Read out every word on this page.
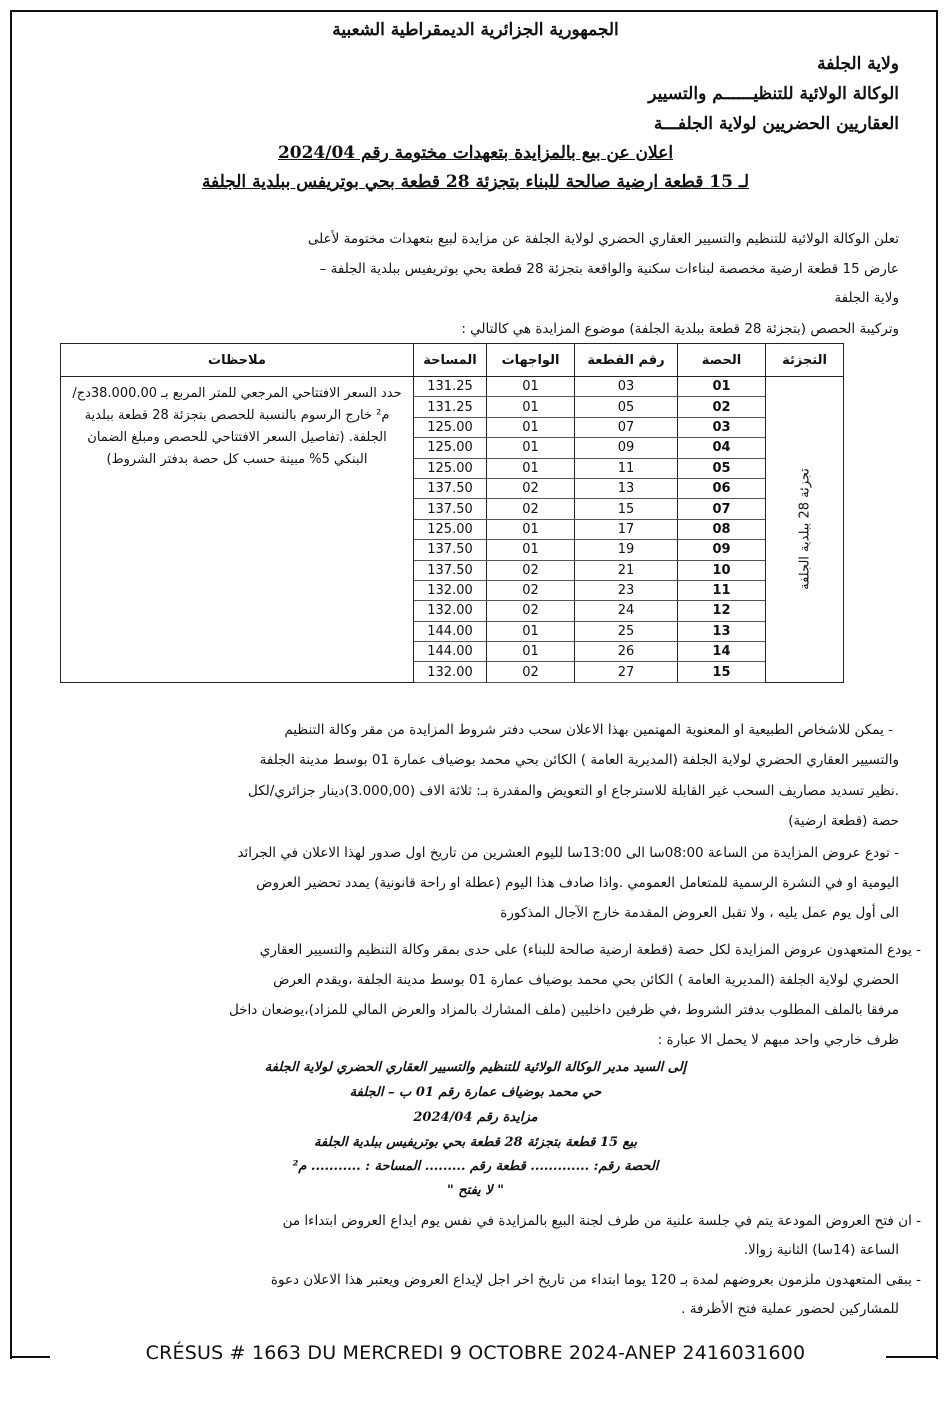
الجمهورية الجزائرية الديمقراطية الشعبية
ولاية الجلفة
الوكالة الولائية للتنظيــــــم والتسيير
العقاريين الحضريين لولاية الجلفـــة
اعلان عن بيع بالمزايدة بتعهدات مختومة رقم 2024/04
لـ 15 قطعة ارضية صالحة للبناء بتجزئة 28 قطعة بحي بوتريفس ببلدية الجلفة
تعلن الوكالة الولائية للتنظيم والتسيير العقاري الحضري لولاية الجلفة عن مزايدة لبيع بتعهدات مختومة لأعلى
عارض 15 قطعة ارضية مخصصة لبناءات سكنية والواقعة بتجزئة 28 قطعة بحي بوتريفيس ببلدية الجلفة –
ولاية الجلفة
وتركيبة الحصص (بتجزئة 28 قطعة ببلدية الجلفة) موضوع المزايدة هي كالتالي :
التجزئة	الحصة	رقم القطعة	الواجهات	المساحة	ملاحظات

تجزئة 28 ببلدية الجلفة	01	03	01	131.25	حدد السعر الافتتاحي المرجعي للمتر المربع بـ 38.000.00دج/م² خارج الرسوم بالنسبة للحصص بتجزئة 28 قطعة ببلدية الجلفة. (تفاصيل السعر الافتتاحي للحصص ومبلغ الضمان البنكي 5% مبينة حسب كل حصة بدفتر الشروط)
	02	05	01	131.25	
	03	07	01	125.00	
	04	09	01	125.00	
	05	11	01	125.00	
	06	13	02	137.50	
	07	15	02	137.50	
	08	17	01	125.00	
	09	19	01	137.50	
	10	21	02	137.50	
	11	23	02	132.00	
	12	24	02	132.00	
	13	25	01	144.00	
	14	26	01	144.00	
	15	27	02	132.00	
- يمكن للاشخاص الطبيعية او المعنوية المهتمين بهذا الاعلان سحب دفتر شروط المزايدة من مقر وكالة التنظيم
والتسيير العقاري الحضري لولاية الجلفة (المديرية العامة ) الكائن بحي محمد بوضياف عمارة 01 بوسط مدينة الجلفة
.نظير تسديد مصاريف السحب غير القابلة للاسترجاع او التعويض والمقدرة بـ: ثلاثة الاف (3.000,00)دينار جزائري/لكل
حصة (قطعة ارضية)
- تودع عروض المزايدة من الساعة 08:00سا الى 13:00سا لليوم العشرين من تاريخ اول صدور لهذا الاعلان في الجرائد
اليومية او في النشرة الرسمية للمتعامل العمومي .واذا صادف هذا اليوم (عطلة او راحة قانونية) يمدد تحضير العروض
الى أول يوم عمل يليه ، ولا تقبل العروض المقدمة خارج الآجال المذكورة
- يودع المتعهدون عروض المزايدة لكل حصة (قطعة ارضية صالحة للبناء) على حدى بمقر وكالة التنظيم والتسيير العقاري
الحضري لولاية الجلفة (المديرية العامة ) الكائن بحي محمد بوضياف عمارة 01 بوسط مدينة الجلفة ،ويقدم العرض
مرفقا بالملف المطلوب بدفتر الشروط ،في ظرفين داخليين (ملف المشارك بالمزاد والعرض المالي للمزاد)،يوضعان داخل
ظرف خارجي واحد مبهم لا يحمل الا عبارة :
إلى السيد مدير الوكالة الولائية للتنظيم والتسيير العقاري الحضري لولاية الجلفة
حي محمد بوضياف عمارة رقم 01 ب – الجلفة
مزايدة رقم 2024/04
بيع 15 قطعة بتجزئة 28 قطعة بحي بوتريفيس ببلدية الجلفة
الحصة رقم: ............. قطعة رقم ......... المساحة : ........... م²
" لا يفتح "
- ان فتح العروض المودعة يتم في جلسة علنية من طرف لجنة البيع بالمزايدة في نفس يوم ايداع العروض ابتداءا من
الساعة (14سا) الثانية زوالا.
- يبقى المتعهدون ملزمون بعروضهم لمدة بـ 120 يوما ابتداء من تاريخ اخر اجل لإيداع العروض ويعتبر هذا الاعلان دعوة
للمشاركين لحضور عملية فتح الأظرفة .
CRÉSUS # 1663 DU MERCREDI 9 OCTOBRE 2024-ANEP 2416031600
